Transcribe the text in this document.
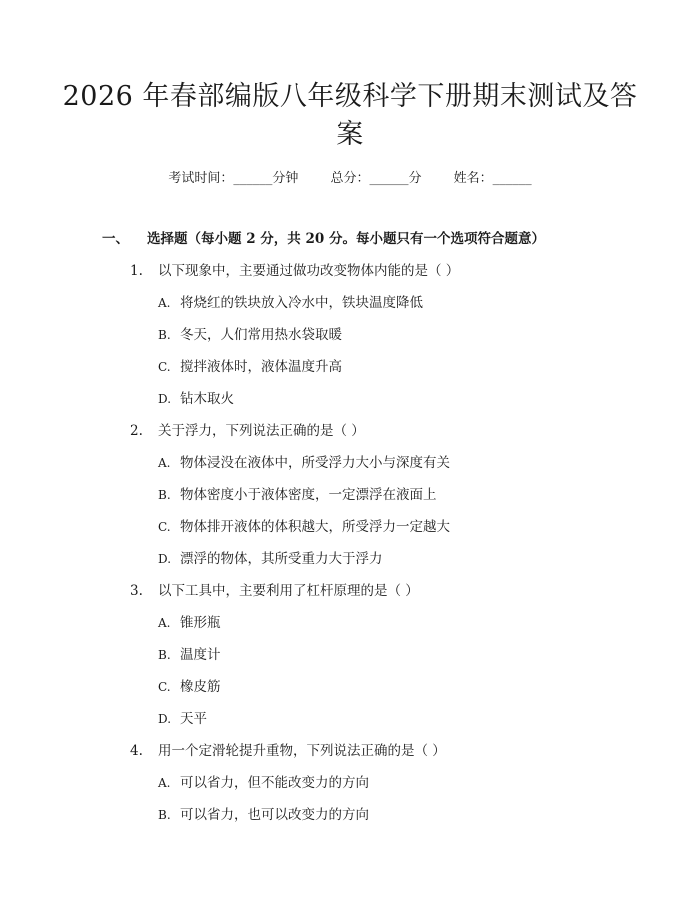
2026 年春部编版八年级科学下册期末测试及答案
考试时间：______分钟 总分：______分 姓名：______
一、 选择题（每小题 2 分，共 20 分。每小题只有一个选项符合题意）
1. 以下现象中，主要通过做功改变物体内能的是（ ）
A. 将烧红的铁块放入冷水中，铁块温度降低
B. 冬天，人们常用热水袋取暖
C. 搅拌液体时，液体温度升高
D. 钻木取火
2. 关于浮力，下列说法正确的是（ ）
A. 物体浸没在液体中，所受浮力大小与深度有关
B. 物体密度小于液体密度，一定漂浮在液面上
C. 物体排开液体的体积越大，所受浮力一定越大
D. 漂浮的物体，其所受重力大于浮力
3. 以下工具中，主要利用了杠杆原理的是（ ）
A. 锥形瓶
B. 温度计
C. 橡皮筋
D. 天平
4. 用一个定滑轮提升重物，下列说法正确的是（ ）
A. 可以省力，但不能改变力的方向
B. 可以省力，也可以改变力的方向
